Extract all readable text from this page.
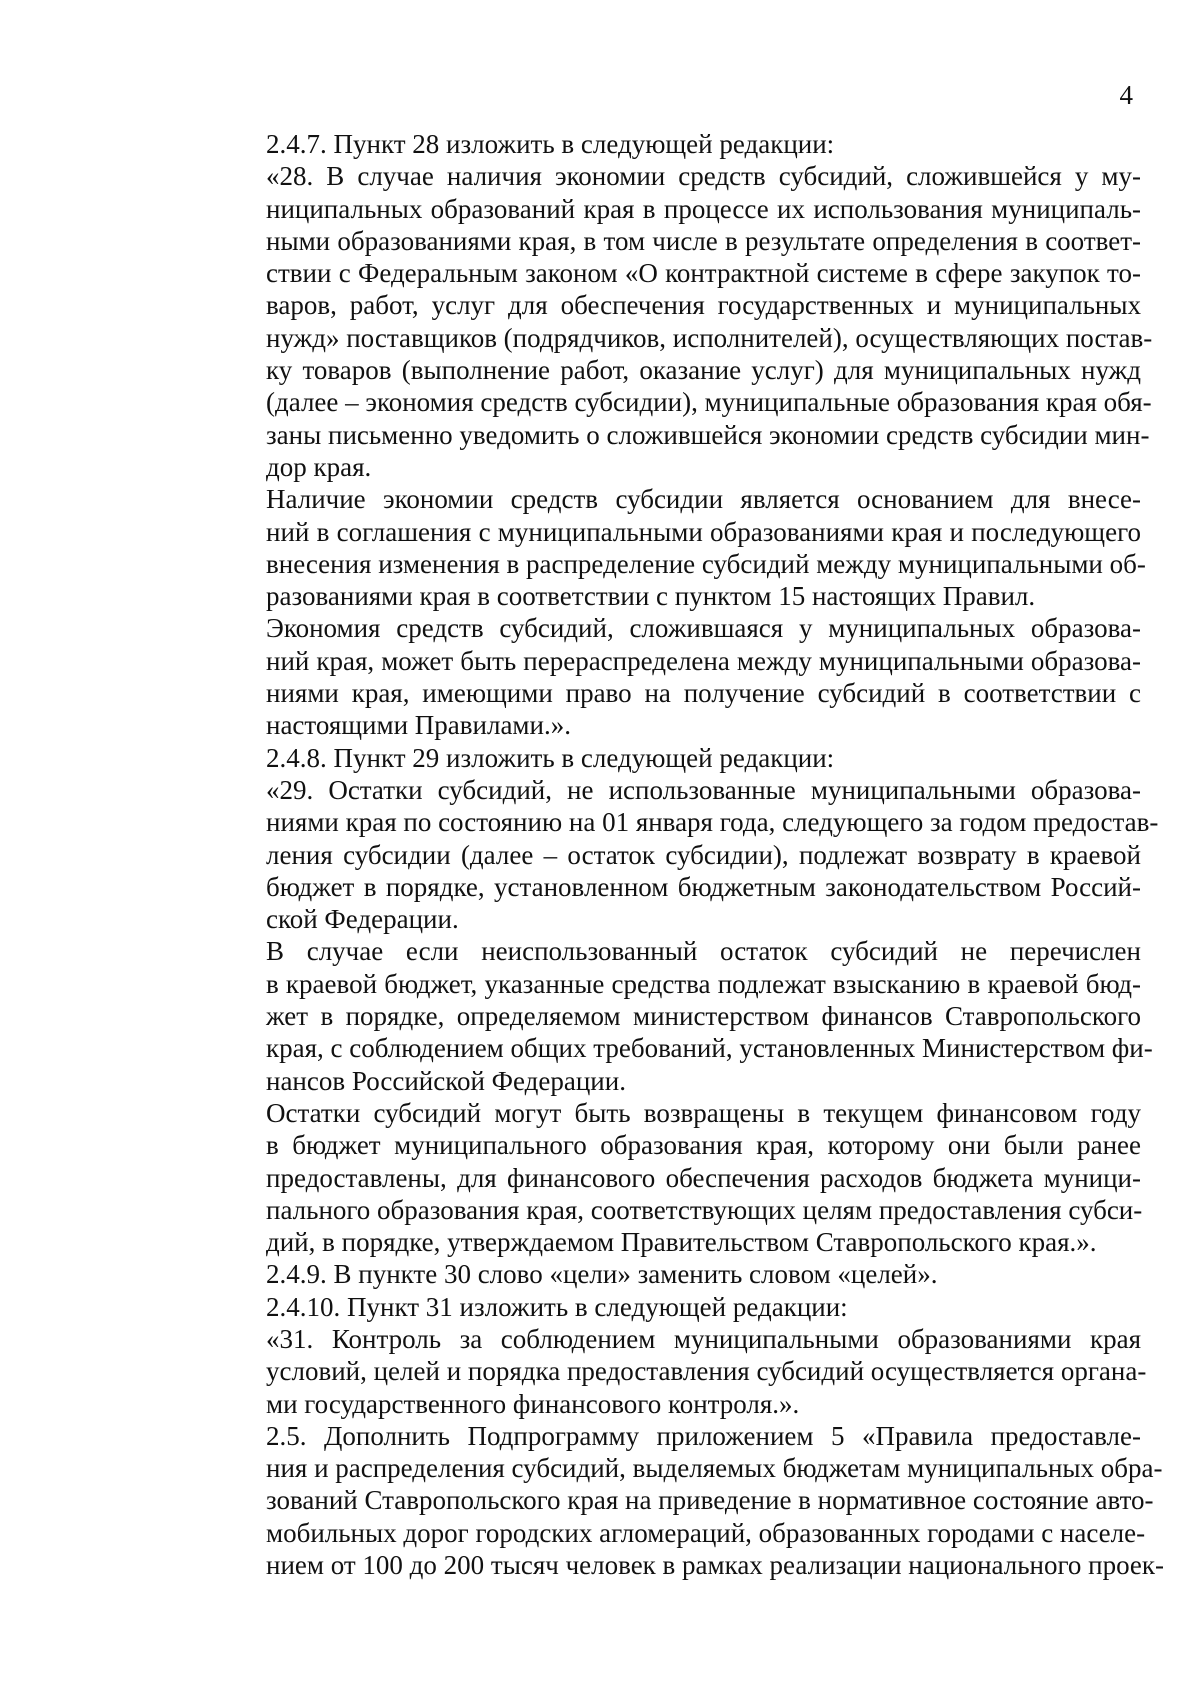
4

2.4.7. Пункт 28 изложить в следующей редакции:

«28. В случае наличия экономии средств субсидий, сложившейся у му-
ниципальных образований края в процессе их использования муниципаль-
ными образованиями края, в том числе в результате определения в соответ-
ствии с Федеральным законом «О контрактной системе в сфере закупок то-
варов, работ, услуг для обеспечения государственных и муниципальных
нужд» поставщиков (подрядчиков, исполнителей), осуществляющих постав-
ку товаров (выполнение работ, оказание услуг) для муниципальных нужд
(далее – экономия средств субсидии), муниципальные образования края обя-
заны письменно уведомить о сложившейся экономии средств субсидии мин-
дор края.

Наличие экономии средств субсидии является основанием для внесе-
ний в соглашения с муниципальными образованиями края и последующего
внесения изменения в распределение субсидий между муниципальными об-
разованиями края в соответствии с пунктом 15 настоящих Правил.

Экономия средств субсидий, сложившаяся у муниципальных образова-
ний края, может быть перераспределена между муниципальными образова-
ниями края, имеющими право на получение субсидий в соответствии с
настоящими Правилами.».

2.4.8. Пункт 29 изложить в следующей редакции:

«29. Остатки субсидий, не использованные муниципальными образова-
ниями края по состоянию на 01 января года, следующего за годом предостав-
ления субсидии (далее – остаток субсидии), подлежат возврату в краевой
бюджет в порядке, установленном бюджетным законодательством Россий-
ской Федерации.

В случае если неиспользованный остаток субсидий не перечислен
в краевой бюджет, указанные средства подлежат взысканию в краевой бюд-
жет в порядке, определяемом министерством финансов Ставропольского
края, с соблюдением общих требований, установленных Министерством фи-
нансов Российской Федерации.

Остатки субсидий могут быть возвращены в текущем финансовом году
в бюджет муниципального образования края, которому они были ранее
предоставлены, для финансового обеспечения расходов бюджета муници-
пального образования края, соответствующих целям предоставления субси-
дий, в порядке, утверждаемом Правительством Ставропольского края.».

2.4.9. В пункте 30 слово «цели» заменить словом «целей».

2.4.10. Пункт 31 изложить в следующей редакции:

«31. Контроль за соблюдением муниципальными образованиями края
условий, целей и порядка предоставления субсидий осуществляется органа-
ми государственного финансового контроля.».

2.5. Дополнить Подпрограмму приложением 5 «Правила предоставле-
ния и распределения субсидий, выделяемых бюджетам муниципальных обра-
зований Ставропольского края на приведение в нормативное состояние авто-
мобильных дорог городских агломераций, образованных городами с населе-
нием от 100 до 200 тысяч человек в рамках реализации национального проек-
